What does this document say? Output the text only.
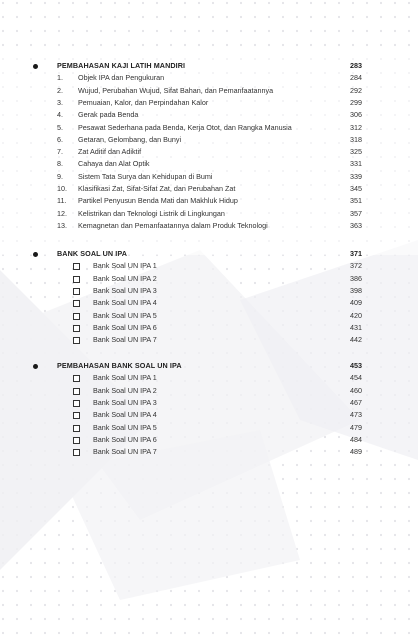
PEMBAHASAN KAJI LATIH MANDIRI	283
1. Objek IPA dan Pengukuran	284
2. Wujud, Perubahan Wujud, Sifat Bahan, dan Pemanfaatannya	292
3. Pemuaian, Kalor, dan Perpindahan Kalor	299
4. Gerak pada Benda	306
5. Pesawat Sederhana pada Benda, Kerja Otot, dan Rangka Manusia	312
6. Getaran, Gelombang, dan Bunyi	318
7. Zat Aditif dan Adiktif	325
8. Cahaya dan Alat Optik	331
9. Sistem Tata Surya dan Kehidupan di Bumi	339
10. Klasifikasi Zat, Sifat-Sifat Zat, dan Perubahan Zat	345
11. Partikel Penyusun Benda Mati dan Makhluk Hidup	351
12. Kelistrikan dan Teknologi Listrik di Lingkungan	357
13. Kemagnetan dan Pemanfaatannya dalam Produk Teknologi	363
BANK SOAL UN IPA	371
Bank Soal UN IPA 1	372
Bank Soal UN IPA 2	386
Bank Soal UN IPA 3	398
Bank Soal UN IPA 4	409
Bank Soal UN IPA 5	420
Bank Soal UN IPA 6	431
Bank Soal UN IPA 7	442
PEMBAHASAN BANK SOAL UN IPA	453
Bank Soal UN IPA 1	454
Bank Soal UN IPA 2	460
Bank Soal UN IPA 3	467
Bank Soal UN IPA 4	473
Bank Soal UN IPA 5	479
Bank Soal UN IPA 6	484
Bank Soal UN IPA 7	489
